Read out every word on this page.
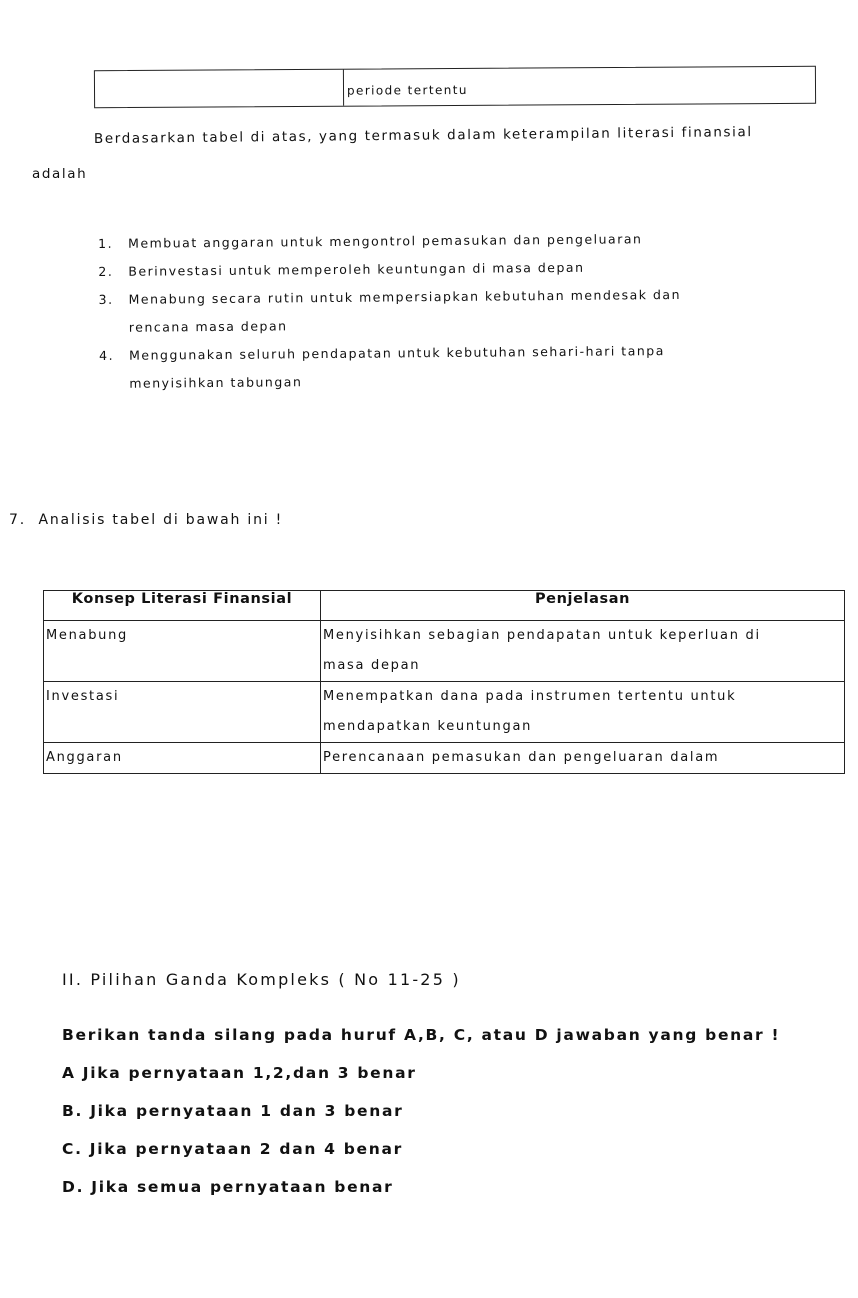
periode tertentu
Berdasarkan tabel di atas, yang termasuk dalam keterampilan literasi finansial
adalah
1. Membuat anggaran untuk mengontrol pemasukan dan pengeluaran
2. Berinvestasi untuk memperoleh keuntungan di masa depan
3. Menabung secara rutin untuk mempersiapkan kebutuhan mendesak dan
rencana masa depan
4. Menggunakan seluruh pendapatan untuk kebutuhan sehari-hari tanpa
menyisihkan tabungan
7. Analisis tabel di bawah ini !
Konsep Literasi Finansial	Penjelasan
Menabung	Menyisihkan sebagian pendapatan untuk keperluan di
masa depan

Investasi	Menempatkan dana pada instrumen tertentu untuk
mendapatkan keuntungan

Anggaran	Perencanaan pemasukan dan pengeluaran dalam
II. Pilihan Ganda Kompleks ( No 11-25 )
Berikan tanda silang pada huruf A,B, C, atau D jawaban yang benar !
A Jika pernyataan 1,2,dan 3 benar
B. Jika pernyataan 1 dan 3 benar
C. Jika pernyataan 2 dan 4 benar
D. Jika semua pernyataan benar
